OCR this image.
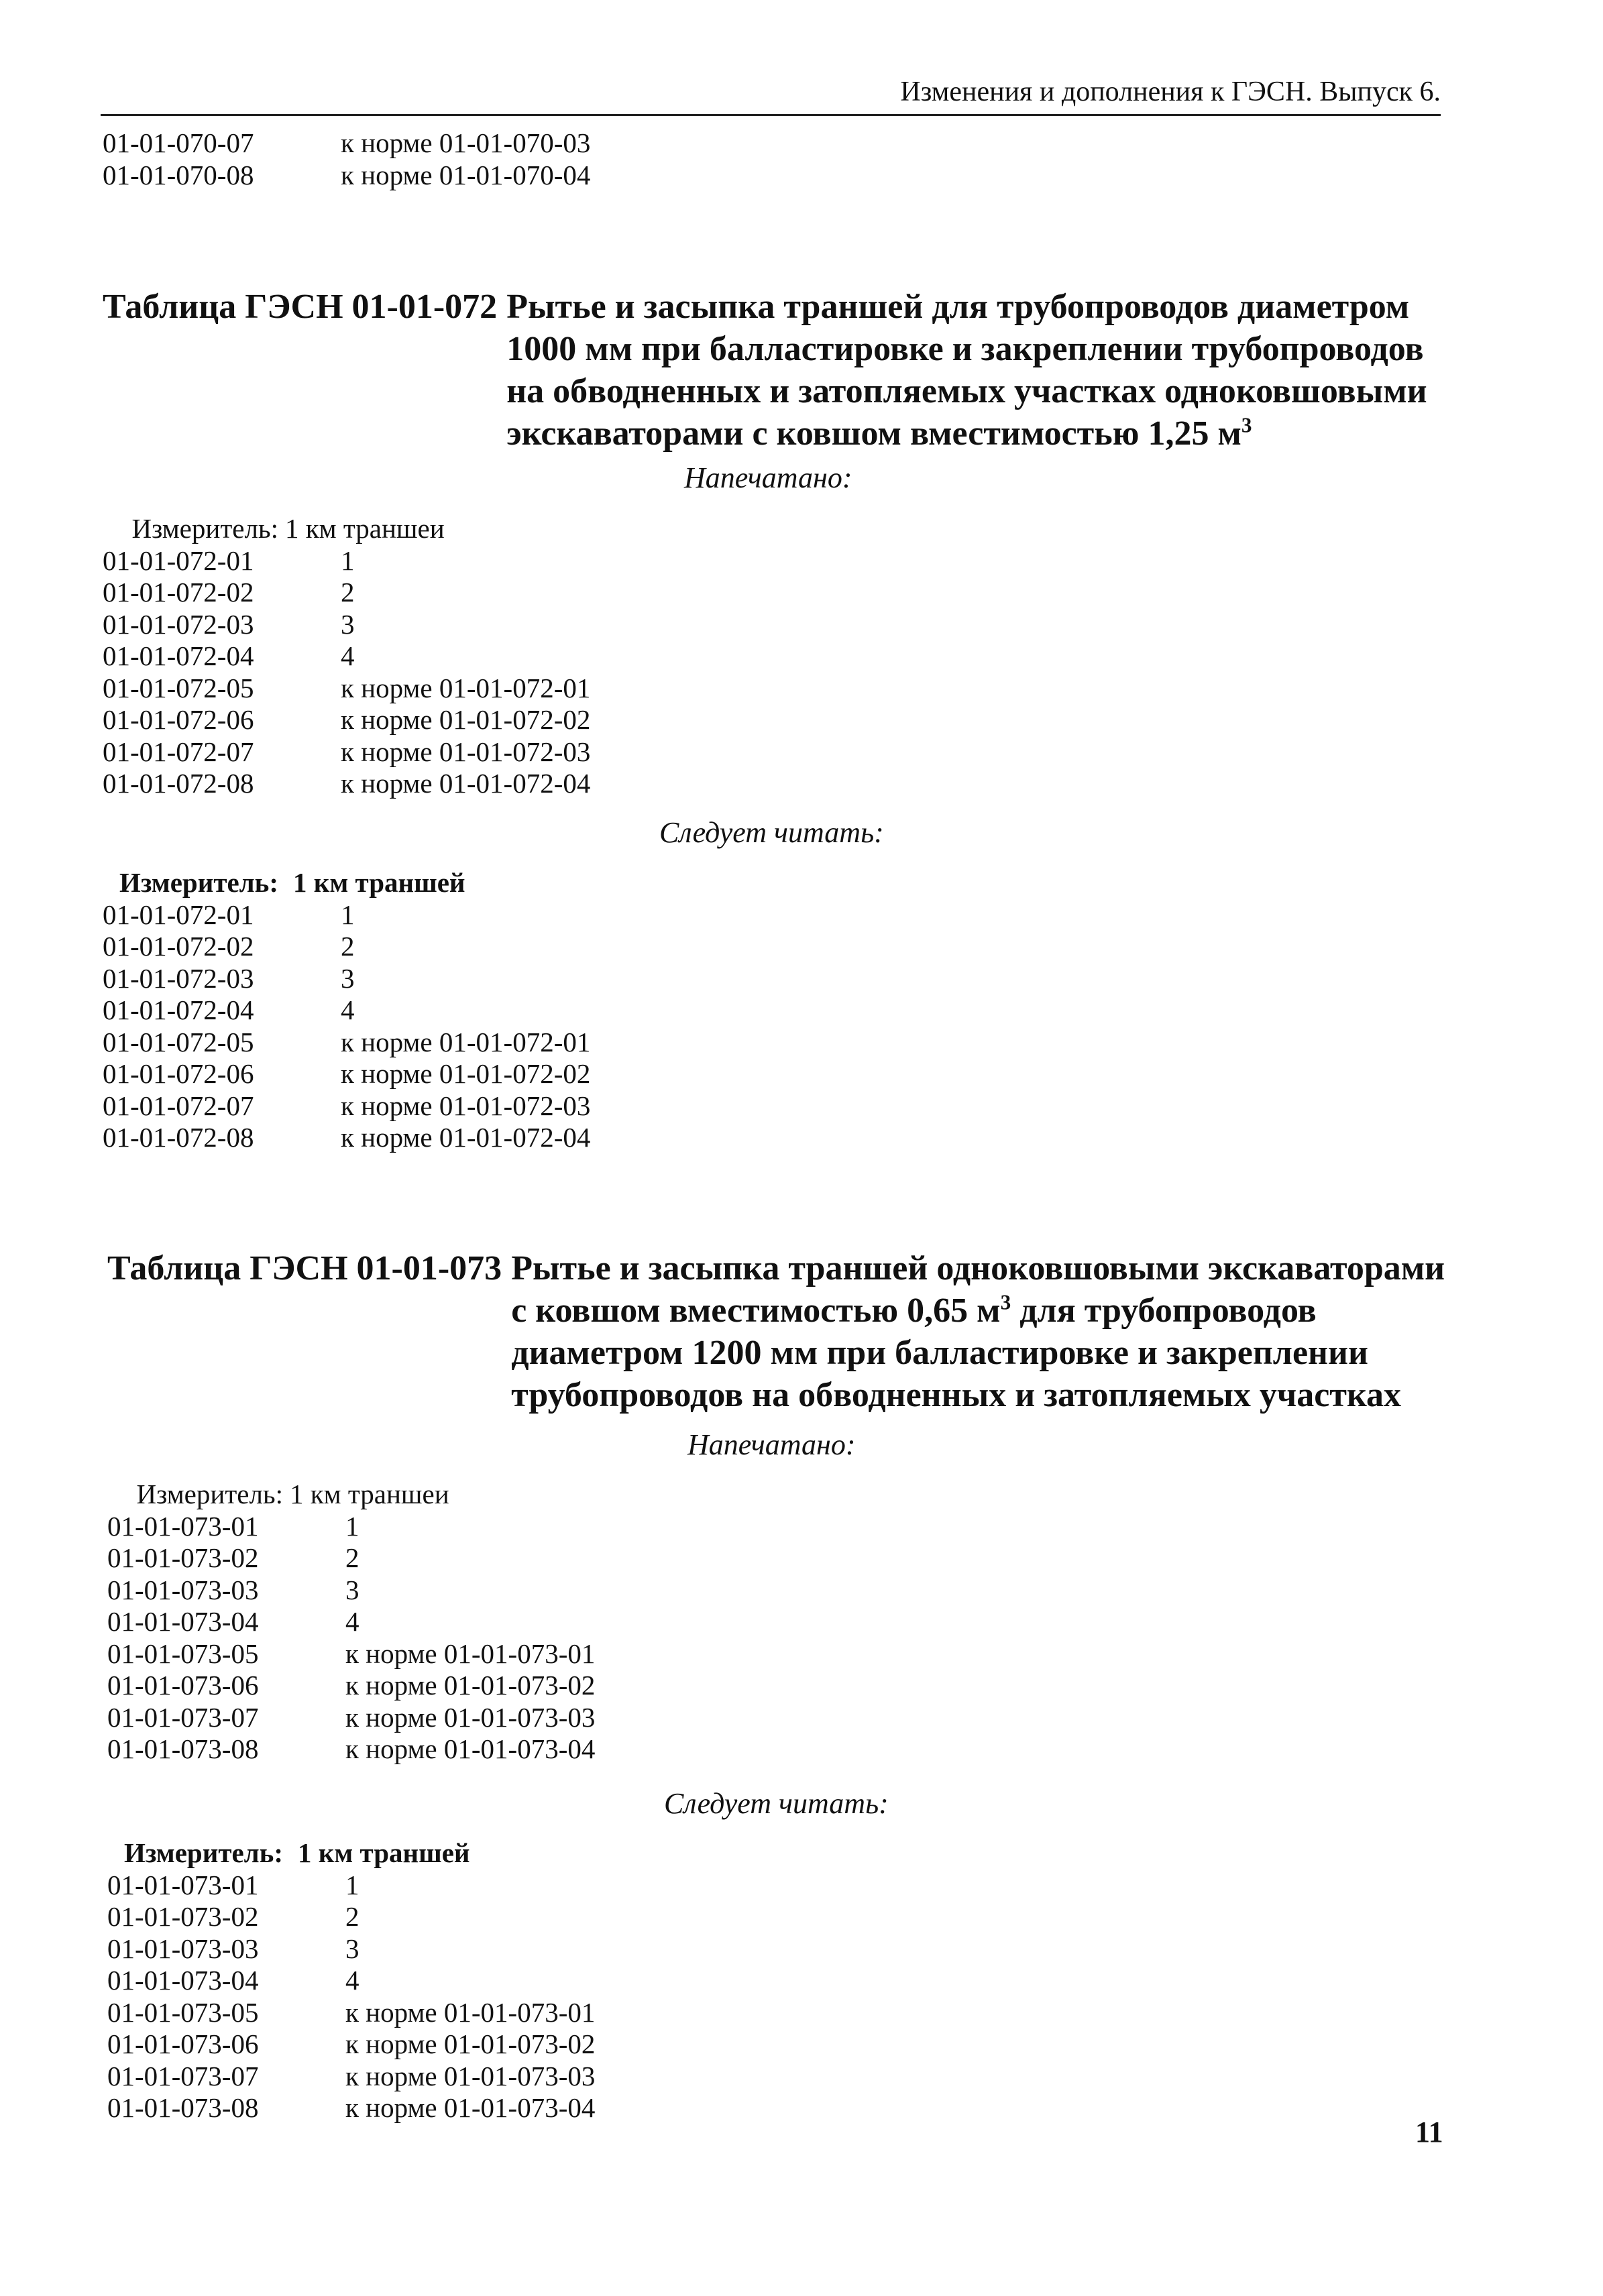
Изменения и дополнения к ГЭСН. Выпуск 6.
01-01-070-07	к норме 01-01-070-03
01-01-070-08	к норме 01-01-070-04
Таблица ГЭСН 01-01-072 Рытье и засыпка траншей для трубопроводов диаметром 1000 мм при балластировке и закреплении трубопроводов на обводненных и затопляемых участках одноковшовыми экскаваторами с ковшом вместимостью 1,25 $м^3$
Напечатано:
Измеритель: 1 км траншеи
01-01-072-01	1
01-01-072-02	2
01-01-072-03	3
01-01-072-04	4
01-01-072-05	к норме 01-01-072-01
01-01-072-06	к норме 01-01-072-02
01-01-072-07	к норме 01-01-072-03
01-01-072-08	к норме 01-01-072-04
Следует читать:
Измеритель: 1 км траншей
01-01-072-01	1
01-01-072-02	2
01-01-072-03	3
01-01-072-04	4
01-01-072-05	к норме 01-01-072-01
01-01-072-06	к норме 01-01-072-02
01-01-072-07	к норме 01-01-072-03
01-01-072-08	к норме 01-01-072-04
Таблица ГЭСН 01-01-073 Рытье и засыпка траншей одноковшовыми экскаваторами с ковшом вместимостью 0,65 $м^3$ для трубопроводов диаметром 1200 мм при балластировке и закреплении трубопроводов на обводненных и затопляемых участках
Напечатано:
Измеритель: 1 км траншеи
01-01-073-01	1
01-01-073-02	2
01-01-073-03	3
01-01-073-04	4
01-01-073-05	к норме 01-01-073-01
01-01-073-06	к норме 01-01-073-02
01-01-073-07	к норме 01-01-073-03
01-01-073-08	к норме 01-01-073-04
Следует читать:
Измеритель: 1 км траншей
01-01-073-01	1
01-01-073-02	2
01-01-073-03	3
01-01-073-04	4
01-01-073-05	к норме 01-01-073-01
01-01-073-06	к норме 01-01-073-02
01-01-073-07	к норме 01-01-073-03
01-01-073-08	к норме 01-01-073-04
11
